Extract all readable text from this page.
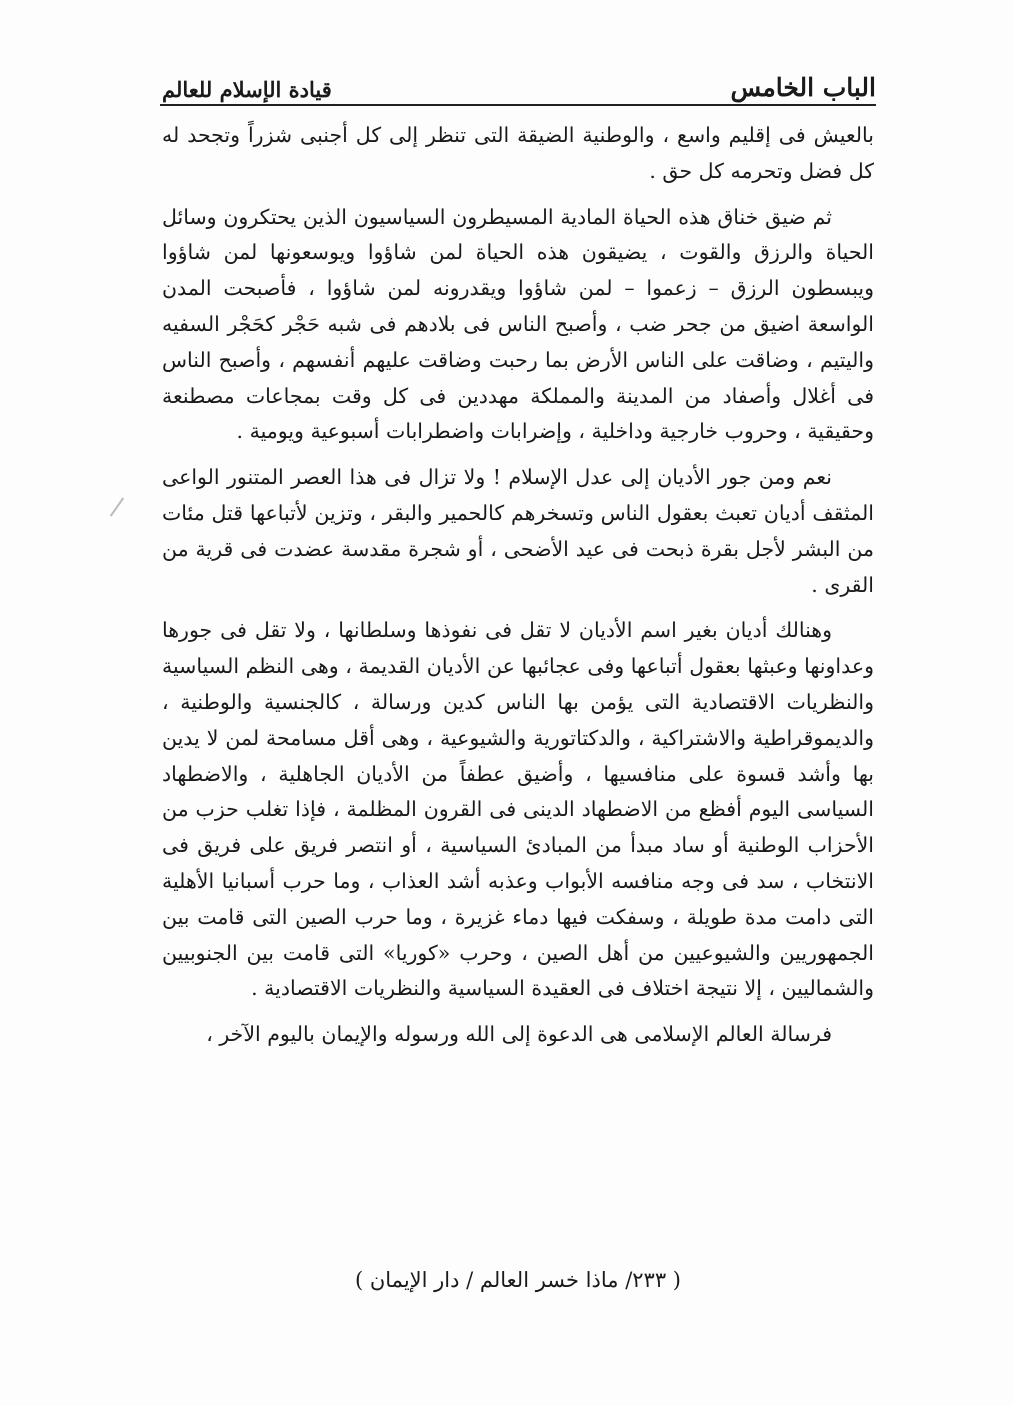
الباب الخامس
قيادة الإسلام للعالم

بالعيش فى إقليم واسع ، والوطنية الضيقة التى تنظر إلى كل أجنبى شزراً وتجحد له كل فضل وتحرمه كل حق .

ثم ضيق خناق هذه الحياة المادية المسيطرون السياسيون الذين يحتكرون وسائل الحياة والرزق والقوت ، يضيقون هذه الحياة لمن شاؤوا ويوسعونها لمن شاؤوا ويبسطون الرزق – زعموا – لمن شاؤوا ويقدرونه لمن شاؤوا ، فأصبحت المدن الواسعة اضيق من جحر ضب ، وأصبح الناس فى بلادهم فى شبه حَجْر كحَجْر السفيه واليتيم ، وضاقت على الناس الأرض بما رحبت وضاقت عليهم أنفسهم ، وأصبح الناس فى أغلال وأصفاد من المدينة والمملكة مهددين فى كل وقت بمجاعات مصطنعة وحقيقية ، وحروب خارجية وداخلية ، وإضرابات واضطرابات أسبوعية ويومية .

نعم ومن جور الأديان إلى عدل الإسلام ! ولا تزال فى هذا العصر المتنور الواعى المثقف أديان تعبث بعقول الناس وتسخرهم كالحمير والبقر ، وتزين لأتباعها قتل مئات من البشر لأجل بقرة ذبحت فى عيد الأضحى ، أو شجرة مقدسة عضدت فى قرية من القرى .

وهنالك أديان بغير اسم الأديان لا تقل فى نفوذها وسلطانها ، ولا تقل فى جورها وعداونها وعبثها بعقول أتباعها وفى عجائبها عن الأديان القديمة ، وهى النظم السياسية والنظريات الاقتصادية التى يؤمن بها الناس كدين ورسالة ، كالجنسية والوطنية ، والديموقراطية والاشتراكية ، والدكتاتورية والشيوعية ، وهى أقل مسامحة لمن لا يدين بها وأشد قسوة على منافسيها ، وأضيق عطفاً من الأديان الجاهلية ، والاضطهاد السياسى اليوم أفظع من الاضطهاد الدينى فى القرون المظلمة ، فإذا تغلب حزب من الأحزاب الوطنية أو ساد مبدأ من المبادئ السياسية ، أو انتصر فريق على فريق فى الانتخاب ، سد فى وجه منافسه الأبواب وعذبه أشد العذاب ، وما حرب أسبانيا الأهلية التى دامت مدة طويلة ، وسفكت فيها دماء غزيرة ، وما حرب الصين التى قامت بين الجمهوريين والشيوعيين من أهل الصين ، وحرب «كوريا» التى قامت بين الجنوبيين والشماليين ، إلا نتيجة اختلاف فى العقيدة السياسية والنظريات الاقتصادية .

فرسالة العالم الإسلامى هى الدعوة إلى الله ورسوله والإيمان باليوم الآخر ،

( ٢٣٣/ ماذا خسر العالم / دار الإيمان )
